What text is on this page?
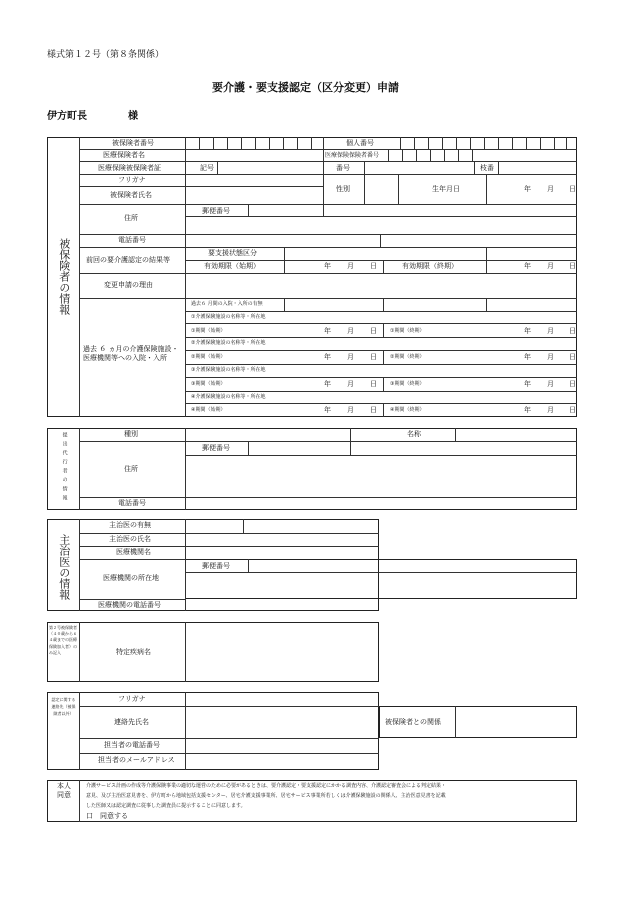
様式第１２号（第８条関係）
要介護・要支援認定（区分変更）申請
伊方町長	様
被保険者の情報
被保険者番号	個人番号
医療保険者名	医療保険保険者番号
医療保険被保険者証	記号	番号	枝番
フリガナ
被保険者氏名
性別	生年月日	年 月 日
住所
郵便番号
電話番号
前回の要介護認定の結果等
要支援状態区分
有効期限（始期）	年 月 日	有効期限（終期）	年 月 日
変更申請の理由
過去 ６ ヵ月の介護保険施設・医療機関等への入院・入所
過去６ 月間の入院・入所の有無
①介護保険施設の名称等・所在地
①期間（始期）	年 月 日	①期間（終期）	年 月 日
②介護保険施設の名称等・所在地
②期間（始期）	年 月 日	②期間（終期）	年 月 日
③介護保険施設の名称等・所在地
③期間（始期）	年 月 日	③期間（終期）	年 月 日
④介護保険施設の名称等・所在地
④期間（始期）	年 月 日	④期間（終期）	年 月 日
提出代行者の情報	種別	名称
郵便番号
住所
電話番号
主治医の情報
主治医の有無
主治医の氏名
医療機関名
郵便番号
医療機関の所在地
医療機関の電話番号
第２号被保険者（４０歳から６４歳までの医療保険加入者）のみ記入	特定疾病名
認定に関する連絡先（被保険者以外）
フリガナ
連絡先氏名	被保険者との関係
担当者の電話番号
担当者のメールアドレス
本人同意
介護サービス計画の作成等介護保険事業の適切な運営のために必要があるときは、要介護認定・要支援認定にかかる調査内容、介護認定審査会による判定結果・
意見、及び主治医意見書を、伊方町から地域包括支援センター、居宅介護支援事業所、居宅サービス事業所若しくは介護保険施設の関係人、主治医意見書を記載
した医師又は認定調査に従事した調査員に提示することに同意します。
口 同意する
